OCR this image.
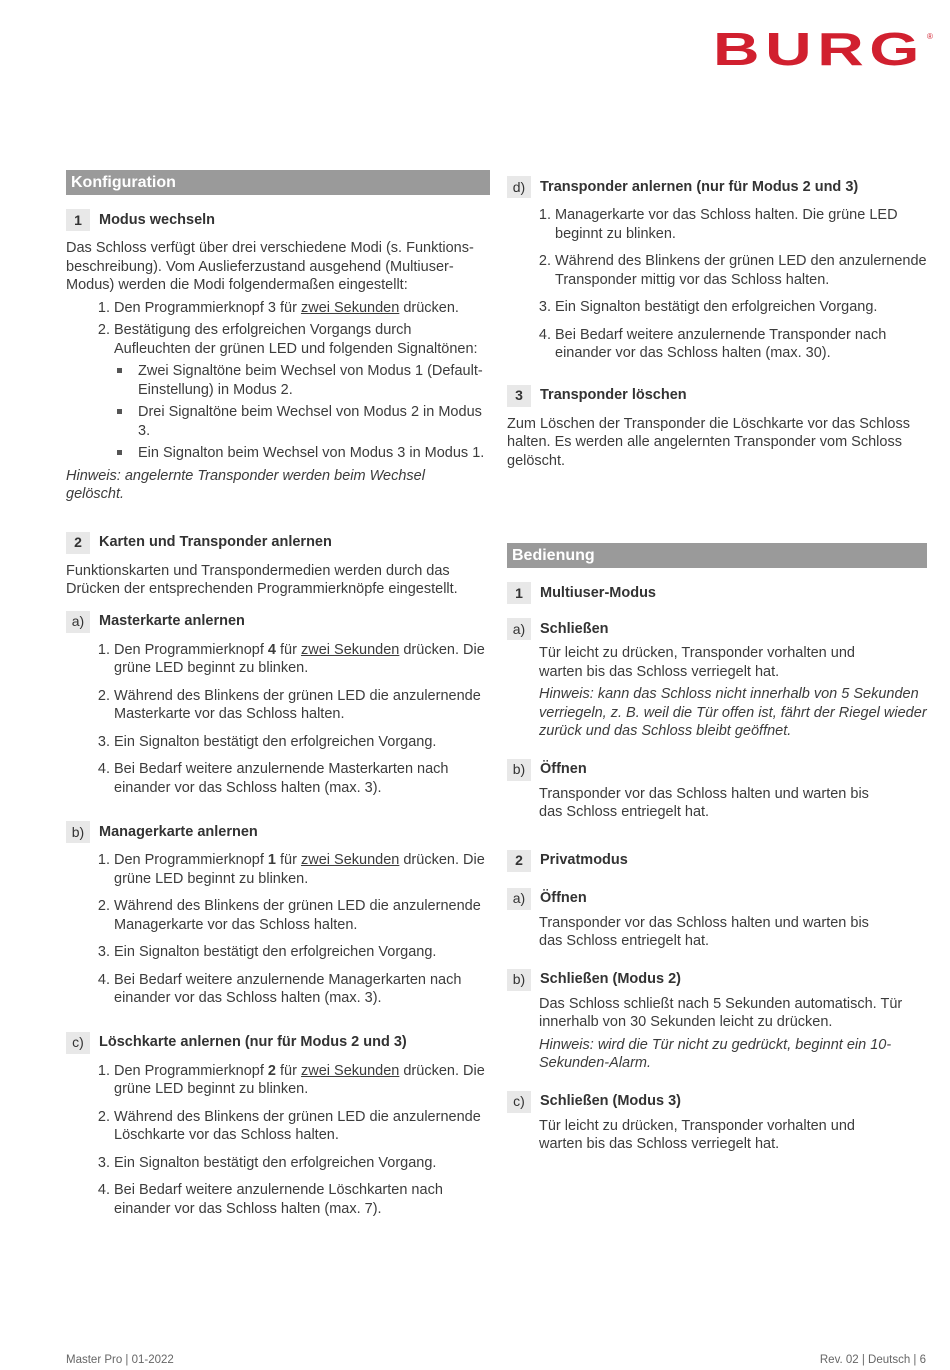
BURG ®
Konfiguration
1	Modus wechseln

Das Schloss verfügt über drei verschiedene Modi (s. Funktions-beschreibung). Vom Auslieferzustand ausgehend (Multiuser-Modus) werden die Modi folgendermaßen eingestellt:

1. Den Programmierknopf 3 für zwei Sekunden drücken.
2. Bestätigung des erfolgreichen Vorgangs durch Aufleuchten der grünen LED und folgenden Signaltönen:
Zwei Signaltöne beim Wechsel von Modus 1 (Default-Einstellung) in Modus 2.
Drei Signaltöne beim Wechsel von Modus 2 in Modus 3.
Ein Signalton beim Wechsel von Modus 3 in Modus 1.

Hinweis: angelernte Transponder werden beim Wechsel gelöscht.

2	Karten und Transponder anlernen

Funktionskarten und Transpondermedien werden durch das Drücken der entsprechenden Programmierknöpfe eingestellt.

a)	Masterkarte anlernen
1. Den Programmierknopf 4 für zwei Sekunden drücken. Die grüne LED beginnt zu blinken.
2. Während des Blinkens der grünen LED die anzulernende Masterkarte vor das Schloss halten.
3. Ein Signalton bestätigt den erfolgreichen Vorgang.
4. Bei Bedarf weitere anzulernende Masterkarten nach einander vor das Schloss halten (max. 3).
b)	Managerkarte anlernen
1. Den Programmierknopf 1 für zwei Sekunden drücken. Die grüne LED beginnt zu blinken.
2. Während des Blinkens der grünen LED die anzulernende Managerkarte vor das Schloss halten.
3. Ein Signalton bestätigt den erfolgreichen Vorgang.
4. Bei Bedarf weitere anzulernende Managerkarten nach einander vor das Schloss halten (max. 3).
c)	Löschkarte anlernen (nur für Modus 2 und 3)
1. Den Programmierknopf 2 für zwei Sekunden drücken. Die grüne LED beginnt zu blinken.
2. Während des Blinkens der grünen LED die anzulernende Löschkarte vor das Schloss halten.
3. Ein Signalton bestätigt den erfolgreichen Vorgang.
4. Bei Bedarf weitere anzulernende Löschkarten nach einander vor das Schloss halten (max. 7).
d)	Transponder anlernen (nur für Modus 2 und 3)
1. Managerkarte vor das Schloss halten. Die grüne LED beginnt zu blinken.
2. Während des Blinkens der grünen LED den anzulernende Transponder mittig vor das Schloss halten.
3. Ein Signalton bestätigt den erfolgreichen Vorgang.
4. Bei Bedarf weitere anzulernende Transponder nach einander vor das Schloss halten (max. 30).
3	Transponder löschen

Zum Löschen der Transponder die Löschkarte vor das Schloss halten. Es werden alle angelernten Transponder vom Schloss gelöscht.

Bedienung
1	Multiuser-Modus
a)	Schließen

Tür leicht zu drücken, Transponder vorhalten und warten bis das Schloss verriegelt hat.

Hinweis: kann das Schloss nicht innerhalb von 5 Sekunden verriegeln, z. B. weil die Tür offen ist, fährt der Riegel wieder zurück und das Schloss bleibt geöffnet.

b)	Öffnen

Transponder vor das Schloss halten und warten bis das Schloss entriegelt hat.

2	Privatmodus
a)	Öffnen

Transponder vor das Schloss halten und warten bis das Schloss entriegelt hat.

b)	Schließen (Modus 2)

Das Schloss schließt nach 5 Sekunden automatisch. Tür innerhalb von 30 Sekunden leicht zu drücken.

Hinweis: wird die Tür nicht zu gedrückt, beginnt ein 10-Sekunden-Alarm.

c)	Schließen (Modus 3)

Tür leicht zu drücken, Transponder vorhalten und warten bis das Schloss verriegelt hat.

Master Pro | 01-2022	Rev. 02 | Deutsch | 6
